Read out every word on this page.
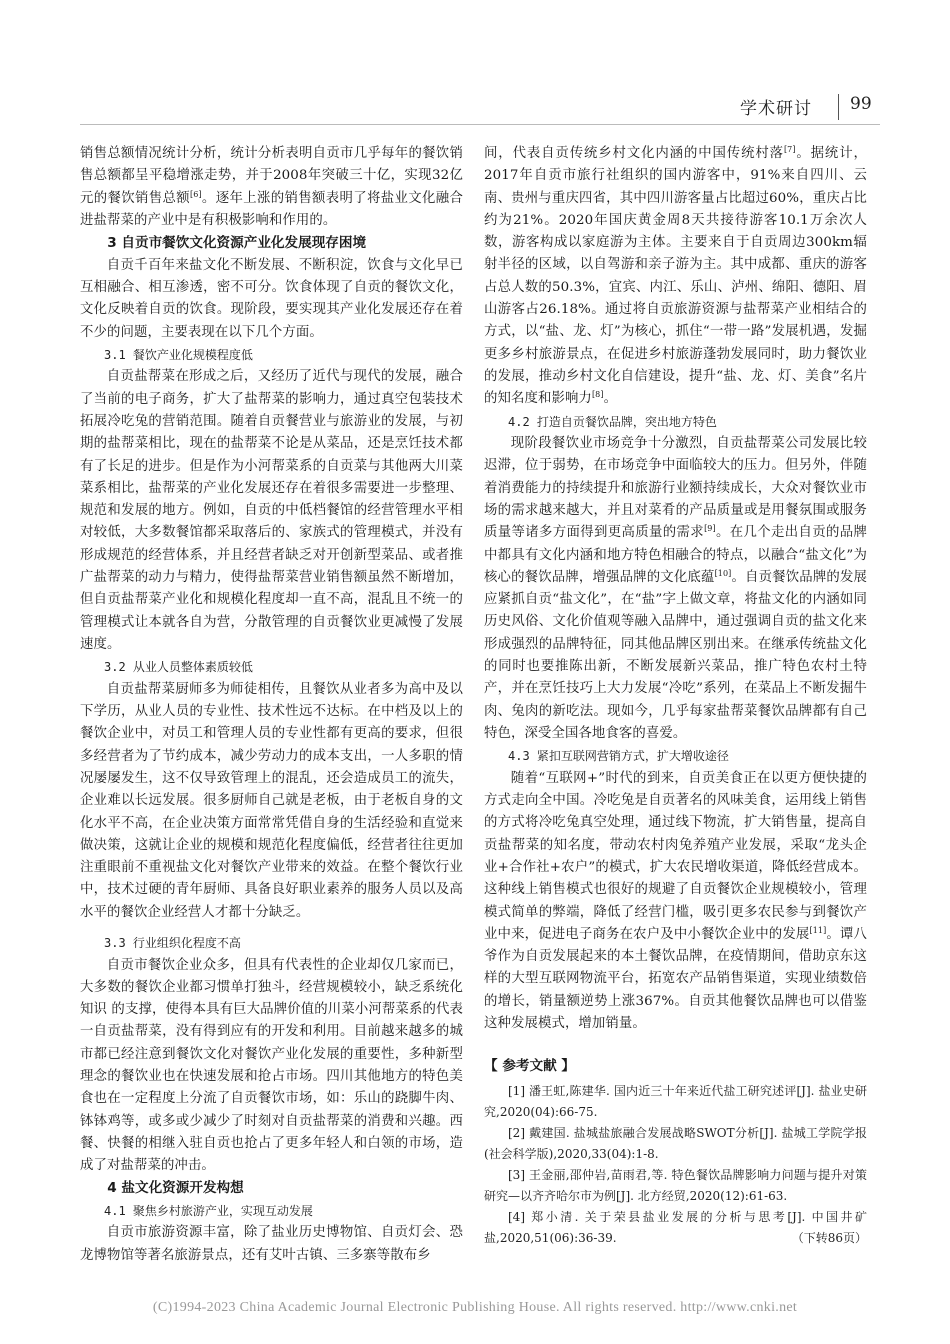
学术研讨 99

销售总额情况统计分析，统计分析表明自贡市几乎每年的餐饮销售总额都呈平稳增涨走势，并于2008年突破三十亿，实现32亿元的餐饮销售总额[6]。逐年上涨的销售额表明了将盐业文化融合进盐帮菜的产业中是有积极影响和作用的。

3 自贡市餐饮文化资源产业化发展现存困境

自贡千百年来盐文化不断发展、不断积淀，饮食与文化早已互相融合、相互渗透，密不可分。饮食体现了自贡的餐饮文化，文化反映着自贡的饮食。现阶段，要实现其产业化发展还存在着不少的问题，主要表现在以下几个方面。

3.1 餐饮产业化规模程度低

自贡盐帮菜在形成之后，又经历了近代与现代的发展，融合了当前的电子商务，扩大了盐帮菜的影响力，通过真空包装技术拓展冷吃兔的营销范围。随着自贡餐营业与旅游业的发展，与初期的盐帮菜相比，现在的盐帮菜不论是从菜品，还是烹饪技术都有了长足的进步。但是作为小河帮菜系的自贡菜与其他两大川菜菜系相比，盐帮菜的产业化发展还存在着很多需要进一步整理、规范和发展的地方。例如，自贡的中低档餐馆的经营管理水平相对较低，大多数餐馆都采取落后的、家族式的管理模式，并没有形成规范的经营体系，并且经营者缺乏对开创新型菜品、或者推广盐帮菜的动力与精力，使得盐帮菜营业销售额虽然不断增加，但自贡盐帮菜产业化和规模化程度却一直不高，混乱且不统一的管理模式让本就各自为营，分散管理的自贡餐饮业更减慢了发展速度。

3.2 从业人员整体素质较低

自贡盐帮菜厨师多为师徒相传，且餐饮从业者多为高中及以下学历，从业人员的专业性、技术性远不达标。在中档及以上的餐饮企业中，对员工和管理人员的专业性都有更高的要求，但很多经营者为了节约成本，减少劳动力的成本支出，一人多职的情况屡屡发生，这不仅导致管理上的混乱，还会造成员工的流失，企业难以长远发展。很多厨师自己就是老板，由于老板自身的文化水平不高，在企业决策方面常常凭借自身的生活经验和直觉来做决策，这就让企业的规模和规范化程度偏低，经营者往往更加注重眼前不重视盐文化对餐饮产业带来的效益。在整个餐饮行业中，技术过硬的青年厨师、具备良好职业素养的服务人员以及高水平的餐饮企业经营人才都十分缺乏。

3.3 行业组织化程度不高

自贡市餐饮企业众多，但具有代表性的企业却仅几家而已，大多数的餐饮企业都习惯单打独斗，经营规模较小，缺乏系统化知识 的支撑，使得本具有巨大品牌价值的川菜小河帮菜系的代表一自贡盐帮菜，没有得到应有的开发和利用。目前越来越多的城市都已经注意到餐饮文化对餐饮产业化发展的重要性，多种新型理念的餐饮业也在快速发展和抢占市场。四川其他地方的特色美食也在一定程度上分流了自贡餐饮市场，如：乐山的跷脚牛肉、钵钵鸡等，或多或少减少了时刻对自贡盐帮菜的消费和兴趣。西餐、快餐的相继入驻自贡也抢占了更多年轻人和白领的市场，造成了对盐帮菜的冲击。

4 盐文化资源开发构想

4.1 聚焦乡村旅游产业，实现互动发展

自贡市旅游资源丰富，除了盐业历史博物馆、自贡灯会、恐龙博物馆等著名旅游景点，还有艾叶古镇、三多寨等散布乡

间，代表自贡传统乡村文化内涵的中国传统村落[7]。据统计，2017年自贡市旅行社组织的国内游客中，91%来自四川、云南、贵州与重庆四省，其中四川游客量占比超过60%，重庆占比约为21%。2020年国庆黄金周8天共接待游客10.1万余次人数，游客构成以家庭游为主体。主要来自于自贡周边300km辐射半径的区域，以自驾游和亲子游为主。其中成都、重庆的游客占总人数的50.3%，宜宾、内江、乐山、泸州、绵阳、德阳、眉山游客占26.18%。通过将自贡旅游资源与盐帮菜产业相结合的方式，以“盐、龙、灯”为核心，抓住“一带一路”发展机遇，发掘更多乡村旅游景点，在促进乡村旅游蓬勃发展同时，助力餐饮业的发展，推动乡村文化自信建设，提升“盐、龙、灯、美食”名片的知名度和影响力[8]。

4.2 打造自贡餐饮品牌，突出地方特色

现阶段餐饮业市场竞争十分激烈，自贡盐帮菜公司发展比较迟滞，位于弱势，在市场竞争中面临较大的压力。但另外，伴随着消费能力的持续提升和旅游行业额持续成长，大众对餐饮业市场的需求越来越大，并且对菜肴的产品质量或是用餐氛围或服务质量等诸多方面得到更高质量的需求[9]。在几个走出自贡的品牌中都具有文化内涵和地方特色相融合的特点，以融合“盐文化”为核心的餐饮品牌，增强品牌的文化底蕴[10]。自贡餐饮品牌的发展应紧抓自贡“盐文化”，在“盐”字上做文章，将盐文化的内涵如同历史风俗、文化价值观等融入品牌中，通过强调自贡的盐文化来形成强烈的品牌特征，同其他品牌区别出来。在继承传统盐文化的同时也要推陈出新，不断发展新兴菜品，推广特色农村土特产，并在烹饪技巧上大力发展“冷吃”系列，在菜品上不断发掘牛肉、兔肉的新吃法。现如今，几乎每家盐帮菜餐饮品牌都有自己特色，深受全国各地食客的喜爱。

4.3 紧扣互联网营销方式，扩大增收途径

随着“互联网+”时代的到来，自贡美食正在以更方便快捷的方式走向全中国。冷吃兔是自贡著名的风味美食，运用线上销售的方式将冷吃兔真空处理，通过线下物流，扩大销售量，提高自贡盐帮菜的知名度，带动农村肉兔养殖产业发展，采取“龙头企业+合作社+农户”的模式，扩大农民增收渠道，降低经营成本。这种线上销售模式也很好的规避了自贡餐饮企业规模较小，管理模式简单的弊端，降低了经营门槛，吸引更多农民参与到餐饮产业中来，促进电子商务在农户及中小餐饮企业中的发展[11]。谭八爷作为自贡发展起来的本土餐饮品牌，在疫情期间，借助京东这样的大型互联网物流平台，拓宽农产品销售渠道，实现业绩数倍的增长，销量额逆势上涨367%。自贡其他餐饮品牌也可以借鉴这种发展模式，增加销量。

【 参考文献 】

[1] 潘王虹,陈建华. 国内近三十年来近代盐工研究述评[J]. 盐业史研究,2020(04):66-75.

[2] 戴建国. 盐城盐旅融合发展战略SWOT分析[J]. 盐城工学院学报(社会科学版),2020,33(04):1-8.

[3] 王金丽,邵仲岩,苗雨君,等. 特色餐饮品牌影响力问题与提升对策研究—以齐齐哈尔市为例[J]. 北方经贸,2020(12):61-63.

[4] 郑小清. 关于荣县盐业发展的分析与思考[J]. 中国井矿盐,2020,51(06):36-39.	（下转86页）

(C)1994-2023 China Academic Journal Electronic Publishing House. All rights reserved. http://www.cnki.net
